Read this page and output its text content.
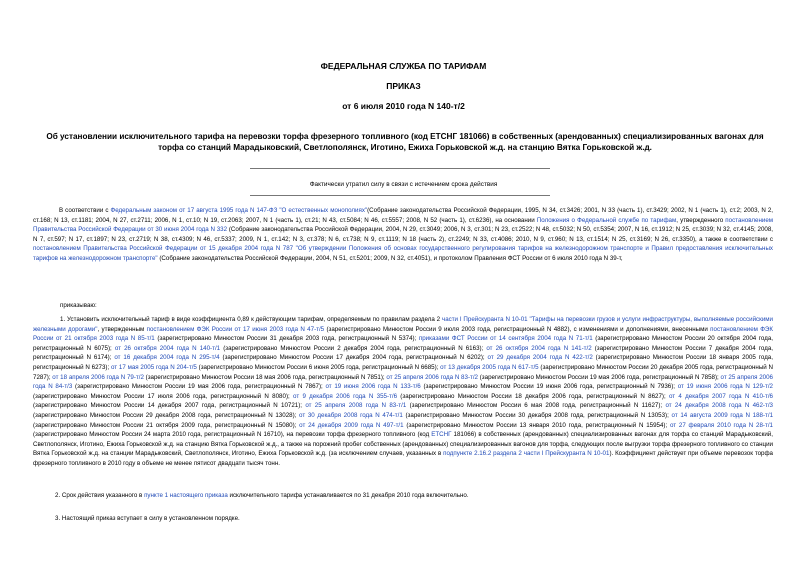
ФЕДЕРАЛЬНАЯ СЛУЖБА ПО ТАРИФАМ
ПРИКАЗ
от 6 июля 2010 года N 140-т/2
Об установлении исключительного тарифа на перевозки торфа фрезерного топливного (код ЕТСНГ 181066) в собственных (арендованных) специализированных вагонах для торфа со станций Марадыковский, Светлополянск, Иготино, Ежиха Горьковской ж.д. на станцию Вятка Горьковской ж.д.
Фактически утратил силу в связи с истечением срока действия
В соответствии с Федеральным законом от 17 августа 1995 года N 147-ФЗ "О естественных монополиях"(Собрание законодательства Российской Федерации, 1995, N 34, ст.3426; 2001, N 33 (часть 1), ст.3429; 2002, N 1 (часть 1), ст.2; 2003, N 2, ст.168; N 13, ст.1181; 2004, N 27, ст.2711; 2006, N 1, ст.10; N 19, ст.2063; 2007, N 1 (часть 1), ст.21; N 43, ст.5084; N 46, ст.5557; 2008, N 52 (часть 1), ст.6236), на основании Положения о Федеральной службе по тарифам, утвержденного постановлением Правительства Российской Федерации от 30 июня 2004 года N 332 (Собрание законодательства Российской Федерации, 2004, N 29, ст.3049; 2006, N 3, ст.301; N 23, ст.2522; N 48, ст.5032; N 50, ст.5354; 2007, N 16, ст.1912; N 25, ст.3039; N 32, ст.4145; 2008, N 7, ст.597; N 17, ст.1897; N 23, ст.2719; N 38, ст.4309; N 46, ст.5337; 2009, N 1, ст.142; N 3, ст.378; N 6, ст.738; N 9, ст.1119; N 18 (часть 2), ст.2249; N 33, ст.4086; 2010, N 9, ст.960; N 13, ст.1514; N 25, ст.3169; N 26, ст.3350), а также в соответствии с постановлением Правительства Российской Федерации от 15 декабря 2004 года N 787 "Об утверждении Положения об основах государственного регулирования тарифов на железнодорожном транспорте и Правил предоставления исключительных тарифов на железнодорожном транспорте" (Собрание законодательства Российской Федерации, 2004, N 51, ст.5201; 2009, N 32, ст.4051), и протоколом Правления ФСТ России от 6 июля 2010 года N 39-т,
приказываю:
1. Установить исключительный тариф в виде коэффициента 0,89 к действующим тарифам, определяемым по правилам раздела 2 части I Прейскуранта N 10-01 "Тарифы на перевозки грузов и услуги инфраструктуры, выполняемые российскими железными дорогами", утвержденным постановлением ФЭК России от 17 июня 2003 года N 47-т/5 (зарегистрировано Минюстом России 9 июля 2003 года, регистрационный N 4882), с изменениями и дополнениями, внесенными постановлением ФЭК России от 21 октября 2003 года N 85-т/1 (зарегистрировано Минюстом России 31 декабря 2003 года, регистрационный N 5374); приказами ФСТ России от 14 сентября 2004 года N 71-т/1 (зарегистрировано Минюстом России 20 октября 2004 года, регистрационный N 6075); от 26 октября 2004 года N 140-т/1 (зарегистрировано Минюстом России 2 декабря 2004 года, регистрационный N 6163); от 26 октября 2004 года N 141-т/2 (зарегистрировано Минюстом России 7 декабря 2004 года, регистрационный N 6174); от 16 декабря 2004 года N 295-т/4 (зарегистрировано Минюстом России 17 декабря 2004 года, регистрационный N 6202); от 29 декабря 2004 года N 422-т/2 (зарегистрировано Минюстом России 18 января 2005 года, регистрационный N 6273); от 17 мая 2005 года N 204-т/5 (зарегистрировано Минюстом России 6 июня 2005 года, регистрационный N 6685); от 13 декабря 2005 года N 617-т/5 (зарегистрировано Минюстом России 20 декабря 2005 года, регистрационный N 7287); от 18 апреля 2006 года N 79-т/2 (зарегистрировано Минюстом России 18 мая 2006 года, регистрационный N 7851); от 25 апреля 2006 года N 83-т/2 (зарегистрировано Минюстом России 19 мая 2006 года, регистрационный N 7858); от 25 апреля 2006 года N 84-т/3 (зарегистрировано Минюстом России 19 мая 2006 года, регистрационный N 7867); от 19 июня 2006 года N 133-т/6 (зарегистрировано Минюстом России 19 июня 2006 года, регистрационный N 7936); от 19 июня 2006 года N 129-т/2 (зарегистрировано Минюстом России 17 июля 2006 года, регистрационный N 8080); от 9 декабря 2006 года N 355-т/6 (зарегистрировано Минюстом России 18 декабря 2006 года, регистрационный N 8627); от 4 декабря 2007 года N 410-т/6 (зарегистрировано Минюстом России 14 декабря 2007 года, регистрационный N 10721); от 25 апреля 2008 года N 83-т/1 (зарегистрировано Минюстом России 6 мая 2008 года, регистрационный N 11627); от 24 декабря 2008 года N 462-т/3 (зарегистрировано Минюстом России 29 декабря 2008 года, регистрационный N 13028); от 30 декабря 2008 года N 474-т/1 (зарегистрировано Минюстом России 30 декабря 2008 года, регистрационный N 13053); от 14 августа 2009 года N 188-т/1 (зарегистрировано Минюстом России 21 октября 2009 года, регистрационный N 15080); от 24 декабря 2009 года N 497-т/1 (зарегистрировано Минюстом России 13 января 2010 года, регистрационный N 15954); от 27 февраля 2010 года N 28-т/1 (зарегистрировано Минюстом России 24 марта 2010 года, регистрационный N 16710), на перевозки торфа фрезерного топливного (код ЕТСНГ 181066) в собственных (арендованных) специализированных вагонах для торфа со станций Марадыковский, Светлополянск, Иготино, Ежиха Горьковской ж.д. на станцию Вятка Горьковской ж.д., а также на порожний пробег собственных (арендованных) специализированных вагонов для торфа, следующих после выгрузки торфа фрезерного топливного со станции Вятка Горьковской ж.д. на станции Марадыковский, Светлополянск, Иготино, Ежиха Горьковской ж.д. (за исключением случаев, указанных в подпункте 2.16.2 раздела 2 части I Прейскуранта N 10-01). Коэффициент действует при объеме перевозок торфа фрезерного топливного в 2010 году в объеме не менее пятисот двадцати тысяч тонн.
2. Срок действия указанного в пункте 1 настоящего приказа исключительного тарифа устанавливается по 31 декабря 2010 года включительно.
3. Настоящий приказ вступает в силу в установленном порядке.
